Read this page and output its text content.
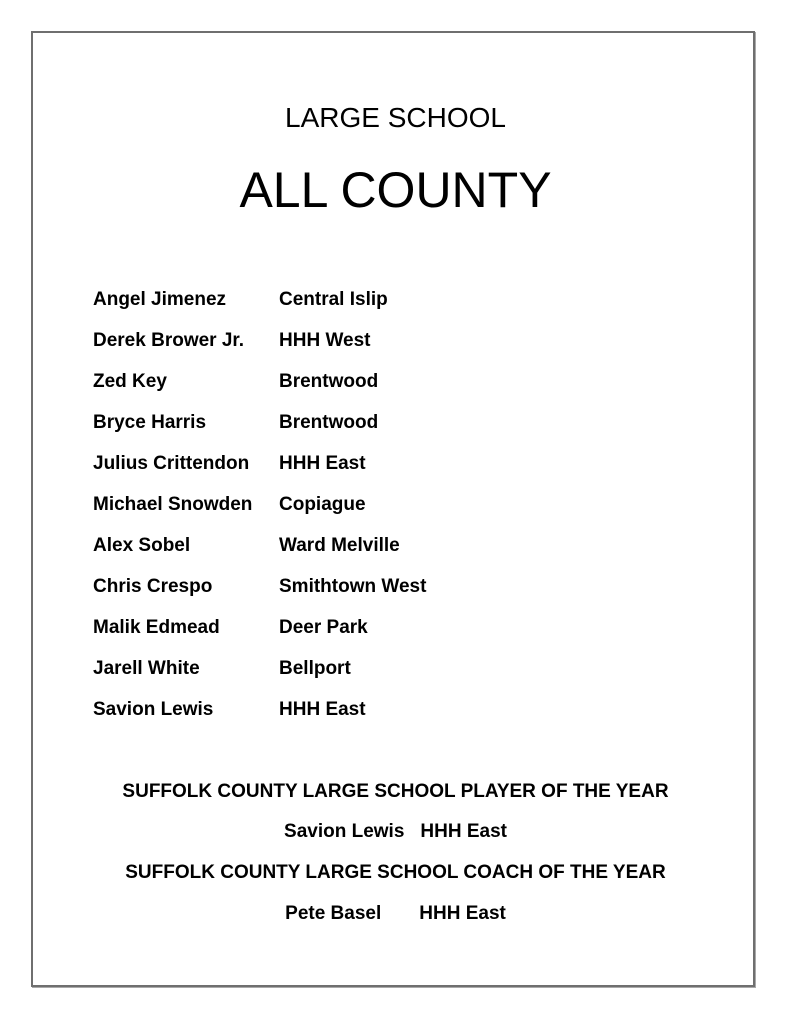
LARGE SCHOOL
ALL COUNTY
Angel Jimenez	Central Islip
Derek Brower Jr. HHH West
Zed Key	Brentwood
Bryce Harris	Brentwood
Julius Crittendon HHH East
Michael Snowden Copiague
Alex Sobel	Ward Melville
Chris Crespo	Smithtown West
Malik Edmead	Deer Park
Jarell White	Bellport
Savion Lewis	HHH East
SUFFOLK COUNTY LARGE SCHOOL PLAYER OF THE YEAR
Savion Lewis HHH East
SUFFOLK COUNTY LARGE SCHOOL COACH OF THE YEAR
Pete Basel HHH East
